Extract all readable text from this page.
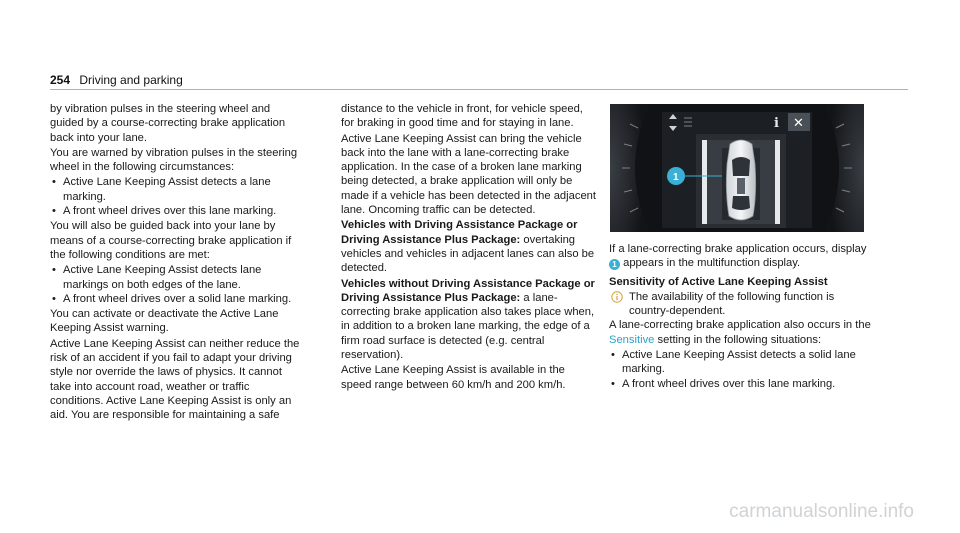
254 Driving and parking

by vibration pulses in the steering wheel and guided by a course-correcting brake application back into your lane.

You are warned by vibration pulses in the steering wheel in the following circumstances:

• Active Lane Keeping Assist detects a lane marking.
• A front wheel drives over this lane marking.

You will also be guided back into your lane by means of a course-correcting brake application if the following conditions are met:

• Active Lane Keeping Assist detects lane markings on both edges of the lane.
• A front wheel drives over a solid lane marking.

You can activate or deactivate the Active Lane Keeping Assist warning.

Active Lane Keeping Assist can neither reduce the risk of an accident if you fail to adapt your driving style nor override the laws of physics. It cannot take into account road, weather or traffic conditions. Active Lane Keeping Assist is only an aid. You are responsible for maintaining a safe

distance to the vehicle in front, for vehicle speed, for braking in good time and for staying in lane.

Active Lane Keeping Assist can bring the vehicle back into the lane with a lane-correcting brake application. In the case of a broken lane marking being detected, a brake application will only be made if a vehicle has been detected in the adjacent lane. Oncoming traffic can be detected.

Vehicles with Driving Assistance Package or Driving Assistance Plus Package: overtaking vehicles and vehicles in adjacent lanes can also be detected.

Vehicles without Driving Assistance Package or Driving Assistance Plus Package: a lane-correcting brake application also takes place when, in addition to a broken lane marking, the edge of a firm road surface is detected (e.g. central reservation).

Active Lane Keeping Assist is available in the speed range between 60 km/h and 200 km/h.

i ✕
1

If a lane-correcting brake application occurs, display 1 appears in the multifunction display.

Sensitivity of Active Lane Keeping Assist

The availability of the following function is country-dependent.

A lane-correcting brake application also occurs in the Sensitive setting in the following situations:

• Active Lane Keeping Assist detects a solid lane marking.
• A front wheel drives over this lane marking.
carmanualsonline.info
